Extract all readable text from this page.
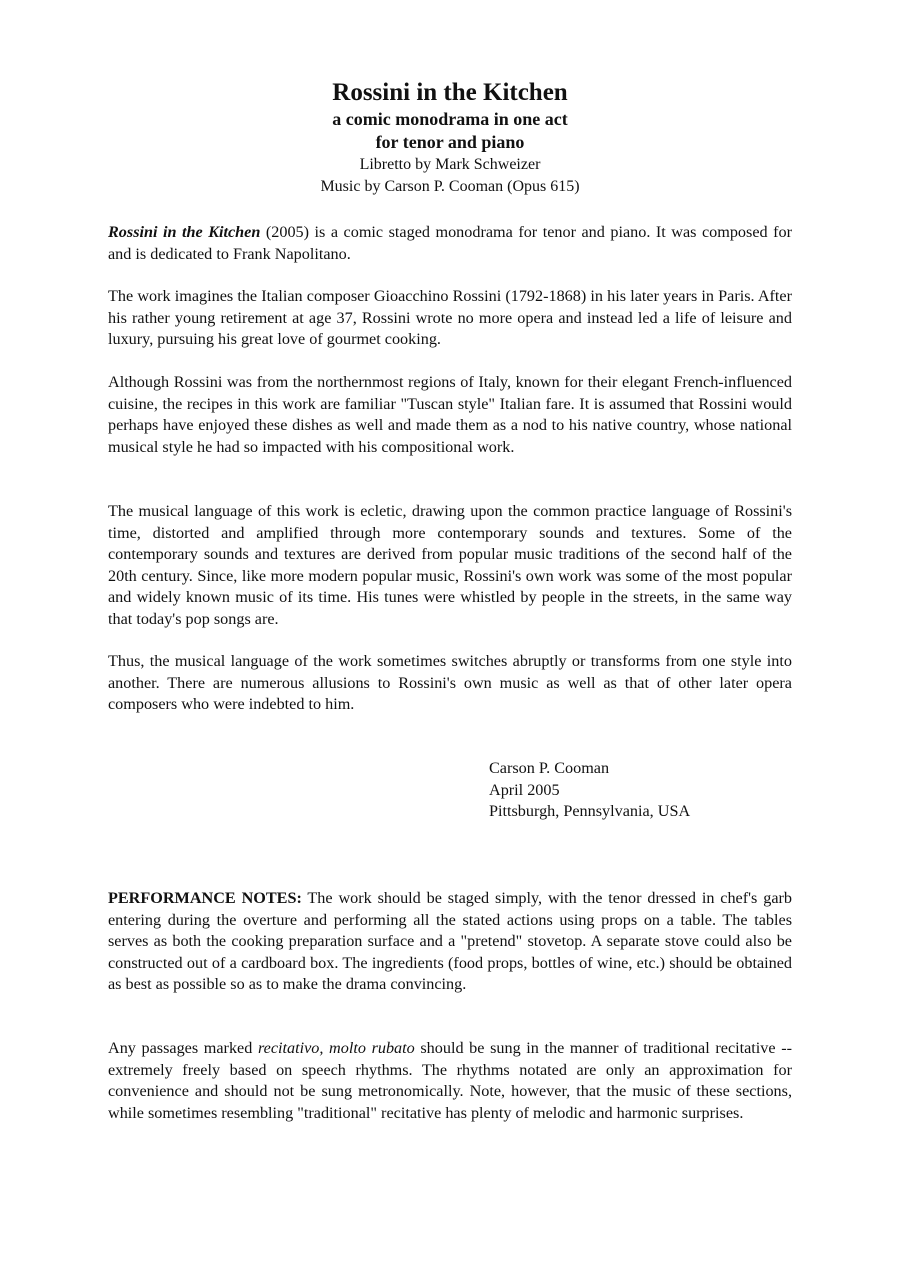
Rossini in the Kitchen
a comic monodrama in one act
for tenor and piano
Libretto by Mark Schweizer
Music by Carson P. Cooman (Opus 615)

Rossini in the Kitchen (2005) is a comic staged monodrama for tenor and piano. It was composed for and is dedicated to Frank Napolitano.

The work imagines the Italian composer Gioacchino Rossini (1792-1868) in his later years in Paris. After his rather young retirement at age 37, Rossini wrote no more opera and instead led a life of leisure and luxury, pursuing his great love of gourmet cooking.

Although Rossini was from the northernmost regions of Italy, known for their elegant French-influenced cuisine, the recipes in this work are familiar "Tuscan style" Italian fare. It is assumed that Rossini would perhaps have enjoyed these dishes as well and made them as a nod to his native country, whose national musical style he had so impacted with his compositional work.

The musical language of this work is ecletic, drawing upon the common practice language of Rossini's time, distorted and amplified through more contemporary sounds and textures. Some of the contemporary sounds and textures are derived from popular music traditions of the second half of the 20th century. Since, like more modern popular music, Rossini's own work was some of the most popular and widely known music of its time. His tunes were whistled by people in the streets, in the same way that today's pop songs are.

Thus, the musical language of the work sometimes switches abruptly or transforms from one style into another. There are numerous allusions to Rossini's own music as well as that of other later opera composers who were indebted to him.

Carson P. Cooman
April 2005
Pittsburgh, Pennsylvania, USA

PERFORMANCE NOTES: The work should be staged simply, with the tenor dressed in chef's garb entering during the overture and performing all the stated actions using props on a table. The tables serves as both the cooking preparation surface and a "pretend" stovetop. A separate stove could also be constructed out of a cardboard box. The ingredients (food props, bottles of wine, etc.) should be obtained as best as possible so as to make the drama convincing.

Any passages marked recitativo, molto rubato should be sung in the manner of traditional recitative -- extremely freely based on speech rhythms. The rhythms notated are only an approximation for convenience and should not be sung metronomically. Note, however, that the music of these sections, while sometimes resembling "traditional" recitative has plenty of melodic and harmonic surprises.
